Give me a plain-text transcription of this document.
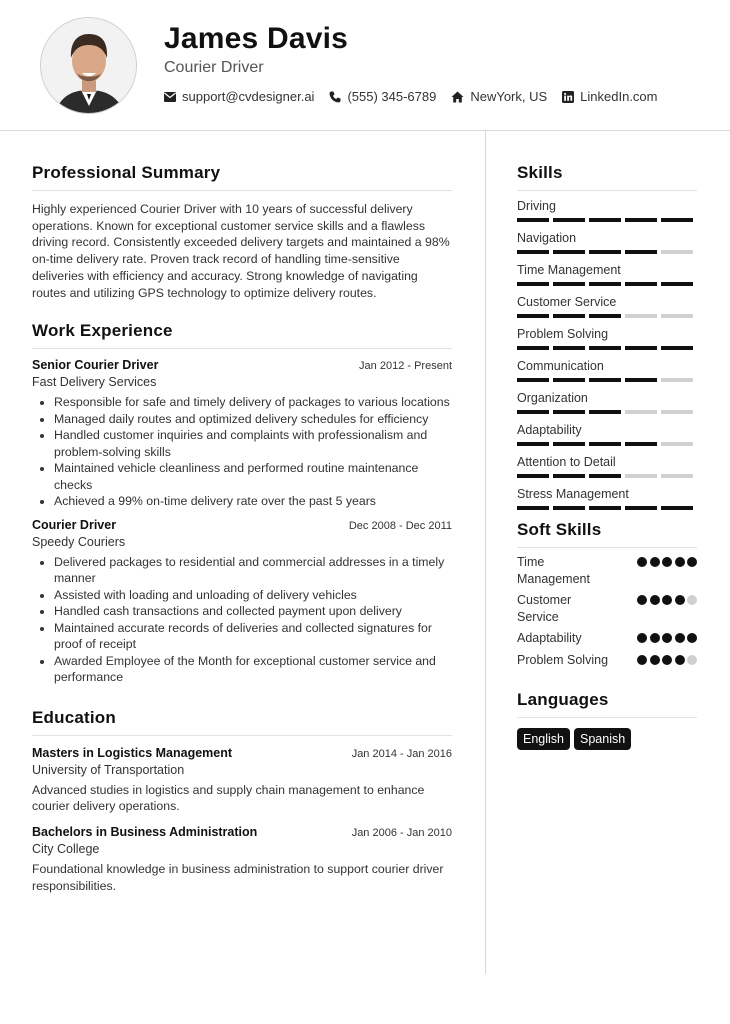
James Davis
Courier Driver
support@cvdesigner.ai	(555) 345-6789	NewYork, US	LinkedIn.com
Professional Summary

Highly experienced Courier Driver with 10 years of successful delivery operations. Known for exceptional customer service skills and a flawless driving record. Consistently exceeded delivery targets and maintained a 98% on-time delivery rate. Proven track record of handling time-sensitive deliveries with efficiency and accuracy. Strong knowledge of navigating routes and utilizing GPS technology to optimize delivery routes.

Work Experience
Senior Courier Driver	Jan 2012 - Present
Fast Delivery Services
• Responsible for safe and timely delivery of packages to various locations
• Managed daily routes and optimized delivery schedules for efficiency
• Handled customer inquiries and complaints with professionalism and problem-solving skills
• Maintained vehicle cleanliness and performed routine maintenance checks
• Achieved a 99% on-time delivery rate over the past 5 years
Courier Driver	Dec 2008 - Dec 2011
Speedy Couriers
• Delivered packages to residential and commercial addresses in a timely manner
• Assisted with loading and unloading of delivery vehicles
• Handled cash transactions and collected payment upon delivery
• Maintained accurate records of deliveries and collected signatures for proof of receipt
• Awarded Employee of the Month for exceptional customer service and performance
Education
Masters in Logistics Management	Jan 2014 - Jan 2016
University of Transportation

Advanced studies in logistics and supply chain management to enhance courier delivery operations.

Bachelors in Business Administration	Jan 2006 - Jan 2010
City College

Foundational knowledge in business administration to support courier driver responsibilities.

Skills
Driving
Navigation
Time Management
Customer Service
Problem Solving
Communication
Organization
Adaptability
Attention to Detail
Stress Management
Soft Skills
Time Management
Customer Service
Adaptability
Problem Solving
Languages
English	Spanish
